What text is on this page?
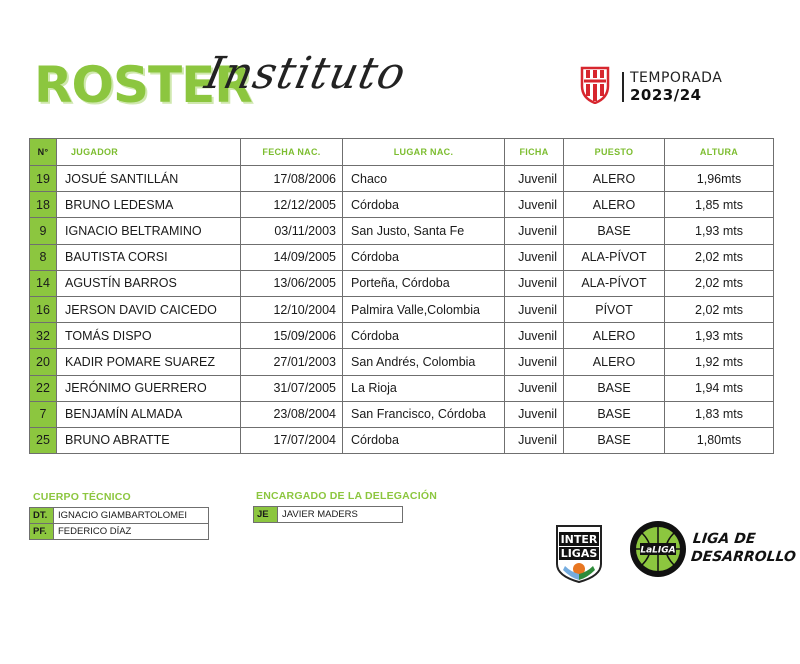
ROSTER
Instituto	TEMPORADA
2023/24
N°	JUGADOR	FECHA NAC.	LUGAR NAC.	FICHA	PUESTO	ALTURA
19	JOSUÉ SANTILLÁN	17/08/2006	Chaco	Juvenil	ALERO	1,96mts
18	BRUNO LEDESMA	12/12/2005	Córdoba	Juvenil	ALERO	1,85 mts
9	IGNACIO BELTRAMINO	03/11/2003	San Justo, Santa Fe	Juvenil	BASE	1,93 mts
8	BAUTISTA CORSI	14/09/2005	Córdoba	Juvenil	ALA-PÍVOT	2,02 mts
14	AGUSTÍN BARROS	13/06/2005	Porteña, Córdoba	Juvenil	ALA-PÍVOT	2,02 mts
16	JERSON DAVID CAICEDO	12/10/2004	Palmira Valle,Colombia	Juvenil	PÍVOT	2,02 mts
32	TOMÁS DISPO	15/09/2006	Córdoba	Juvenil	ALERO	1,93 mts
20	KADIR POMARE SUAREZ	27/01/2003	San Andrés, Colombia	Juvenil	ALERO	1,92 mts
22	JERÓNIMO GUERRERO	31/07/2005	La Rioja	Juvenil	BASE	1,94 mts
7	BENJAMÍN ALMADA	23/08/2004	San Francisco, Córdoba	Juvenil	BASE	1,83 mts
25	BRUNO ABRATTE	17/07/2004	Córdoba	Juvenil	BASE	1,80mts
CUERPO TÉCNICO
DT.	IGNACIO GIAMBARTOLOMEI
PF.	FEDERICO DÍAZ
ENCARGADO DE LA DELEGACIÓN
JE	JAVIER MADERS
INTER
LIGAS	LaLIGA
LIGA DE
DESARROLLO
